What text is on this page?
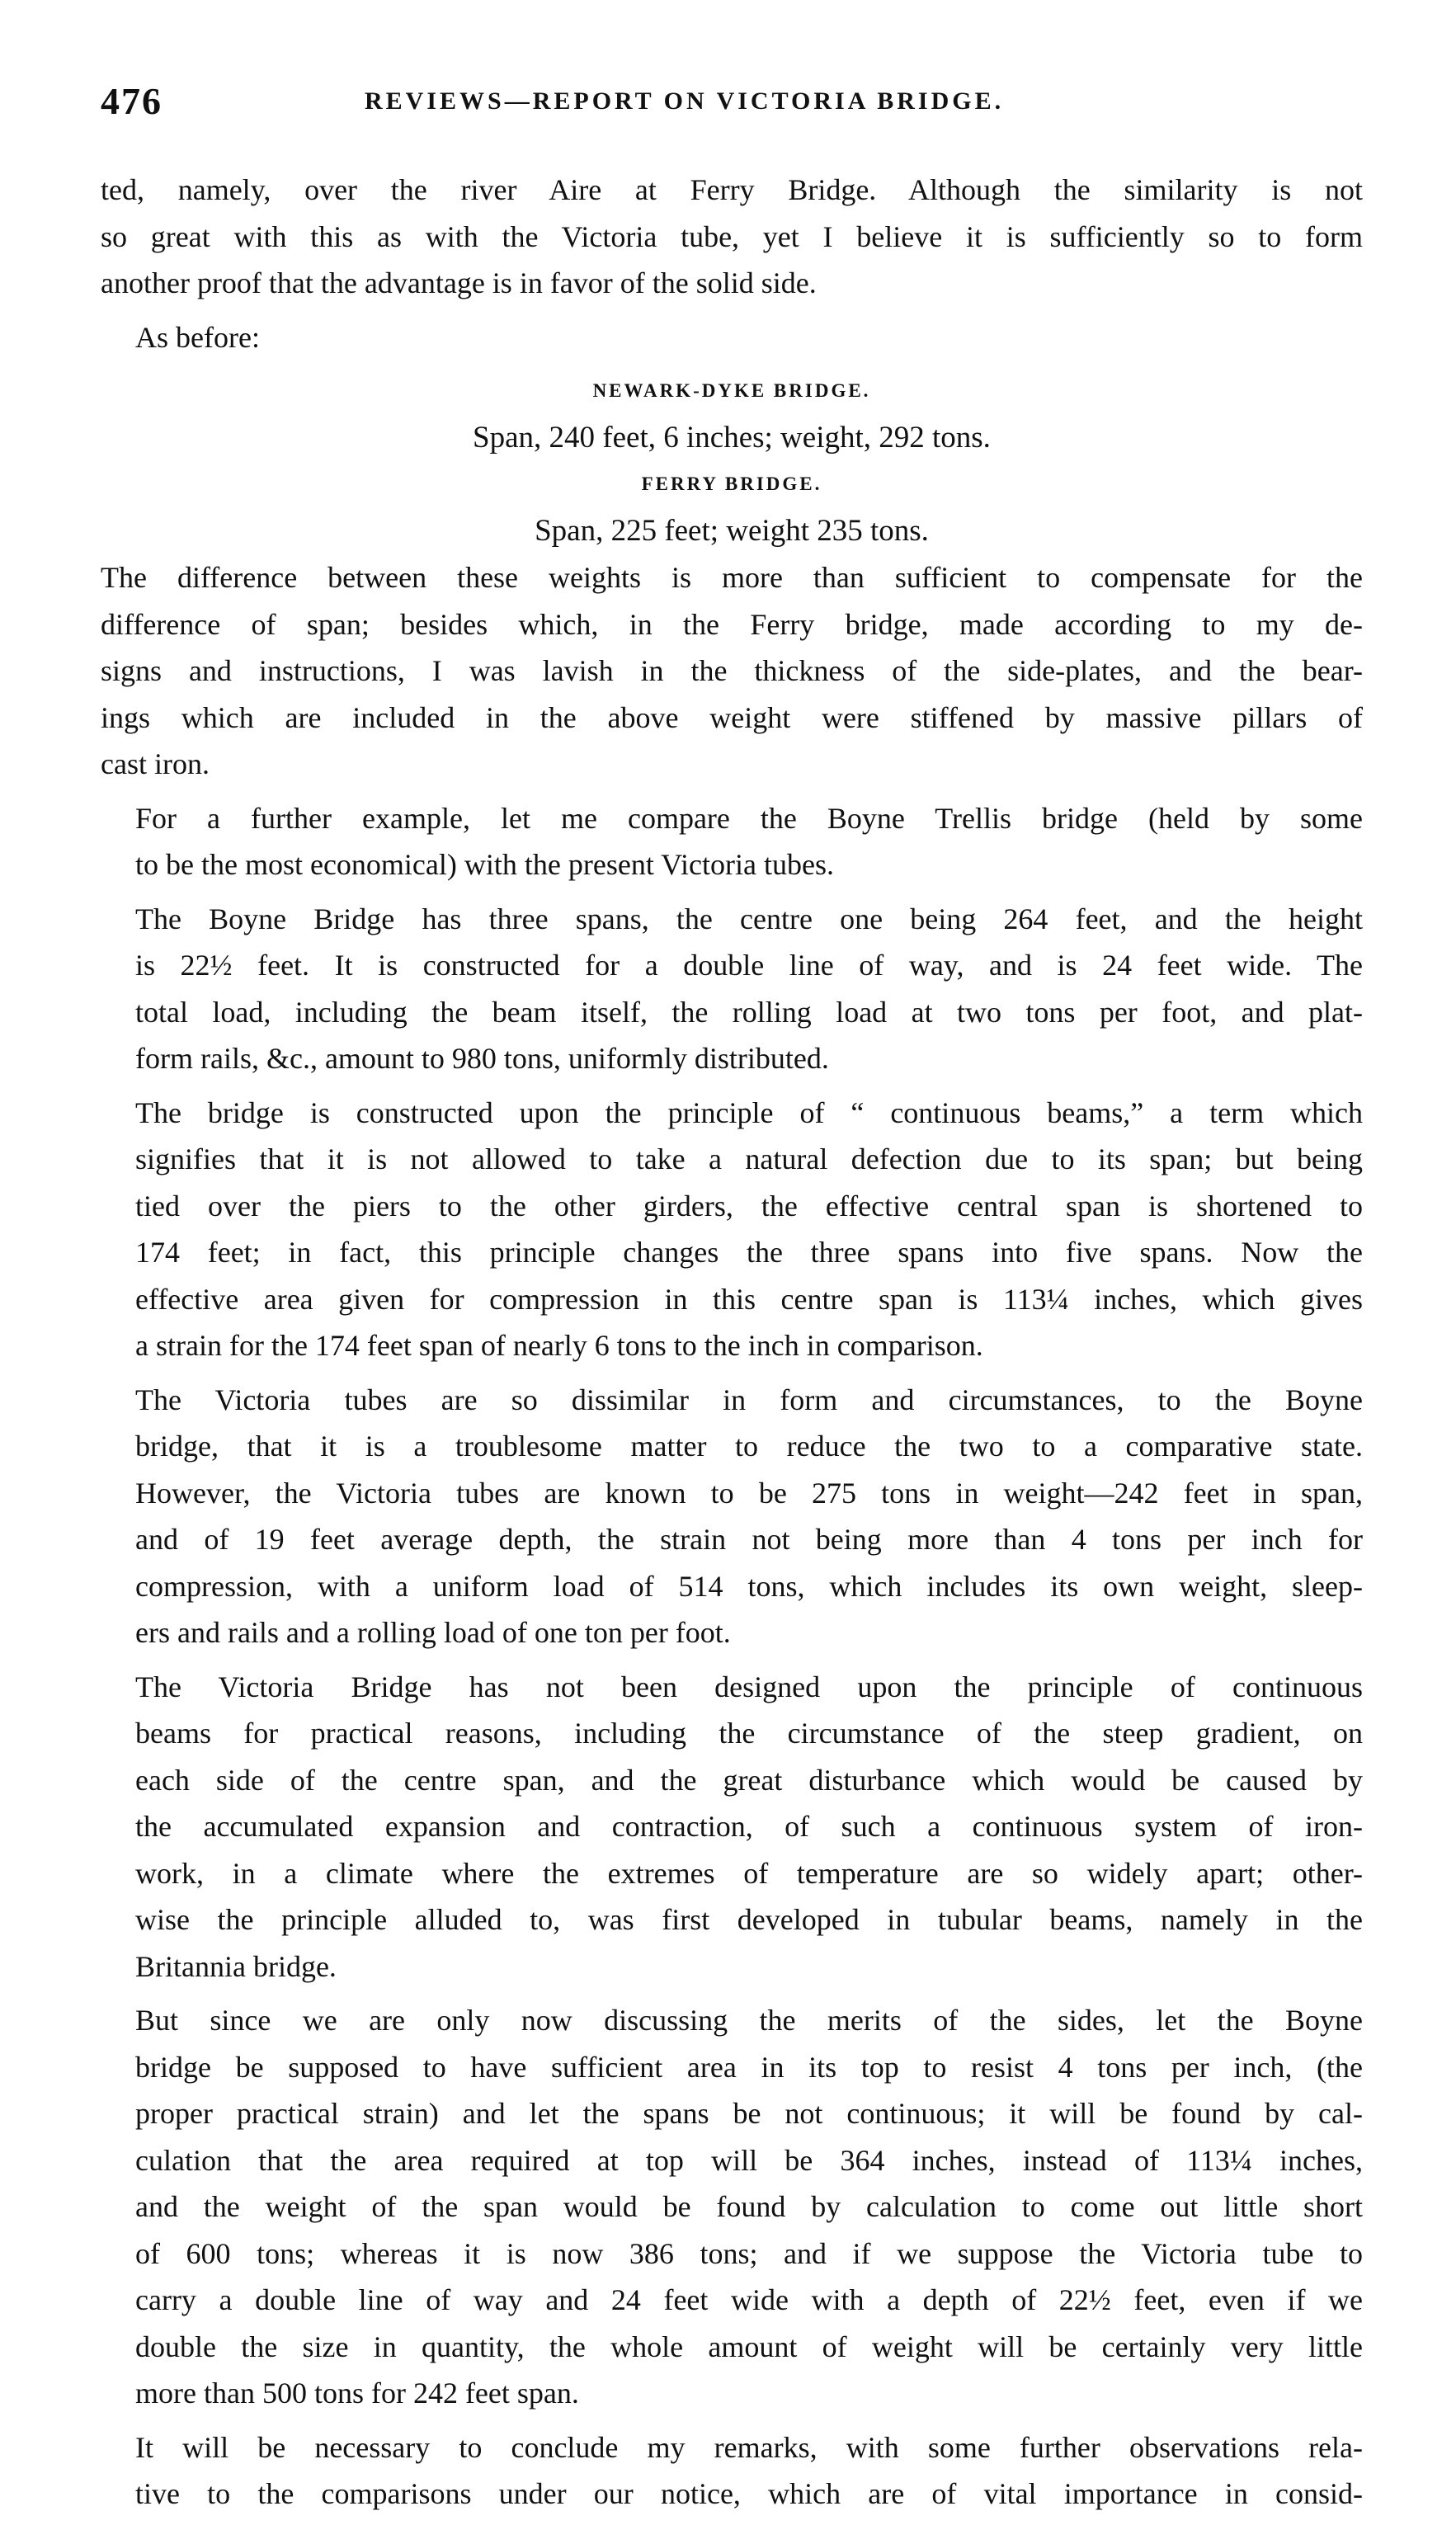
476	REVIEWS—REPORT ON VICTORIA BRIDGE.

ted, namely, over the river Aire at Ferry Bridge. Although the similarity is not
so great with this as with the Victoria tube, yet I believe it is sufficiently so to form
another proof that the advantage is in favor of the solid side.

As before:

NEWARK-DYKE BRIDGE.
Span, 240 feet, 6 inches; weight, 292 tons.
FERRY BRIDGE.
Span, 225 feet; weight 235 tons.

The difference between these weights is more than sufficient to compensate for the
difference of span; besides which, in the Ferry bridge, made according to my de-
signs and instructions, I was lavish in the thickness of the side-plates, and the bear-
ings which are included in the above weight were stiffened by massive pillars of
cast iron.

For a further example, let me compare the Boyne Trellis bridge (held by some
to be the most economical) with the present Victoria tubes.

The Boyne Bridge has three spans, the centre one being 264 feet, and the height
is 22½ feet. It is constructed for a double line of way, and is 24 feet wide. The
total load, including the beam itself, the rolling load at two tons per foot, and plat-
form rails, &c., amount to 980 tons, uniformly distributed.

The bridge is constructed upon the principle of “ continuous beams,” a term which
signifies that it is not allowed to take a natural defection due to its span; but being
tied over the piers to the other girders, the effective central span is shortened to
174 feet; in fact, this principle changes the three spans into five spans. Now the
effective area given for compression in this centre span is 113¼ inches, which gives
a strain for the 174 feet span of nearly 6 tons to the inch in comparison.

The Victoria tubes are so dissimilar in form and circumstances, to the Boyne
bridge, that it is a troublesome matter to reduce the two to a comparative state.
However, the Victoria tubes are known to be 275 tons in weight—242 feet in span,
and of 19 feet average depth, the strain not being more than 4 tons per inch for
compression, with a uniform load of 514 tons, which includes its own weight, sleep-
ers and rails and a rolling load of one ton per foot.

The Victoria Bridge has not been designed upon the principle of continuous
beams for practical reasons, including the circumstance of the steep gradient, on
each side of the centre span, and the great disturbance which would be caused by
the accumulated expansion and contraction, of such a continuous system of iron-
work, in a climate where the extremes of temperature are so widely apart; other-
wise the principle alluded to, was first developed in tubular beams, namely in the
Britannia bridge.

But since we are only now discussing the merits of the sides, let the Boyne
bridge be supposed to have sufficient area in its top to resist 4 tons per inch, (the
proper practical strain) and let the spans be not continuous; it will be found by cal-
culation that the area required at top will be 364 inches, instead of 113¼ inches,
and the weight of the span would be found by calculation to come out little short
of 600 tons; whereas it is now 386 tons; and if we suppose the Victoria tube to
carry a double line of way and 24 feet wide with a depth of 22½ feet, even if we
double the size in quantity, the whole amount of weight will be certainly very little
more than 500 tons for 242 feet span.

It will be necessary to conclude my remarks, with some further observations rela-
tive to the comparisons under our notice, which are of vital importance in consid-
